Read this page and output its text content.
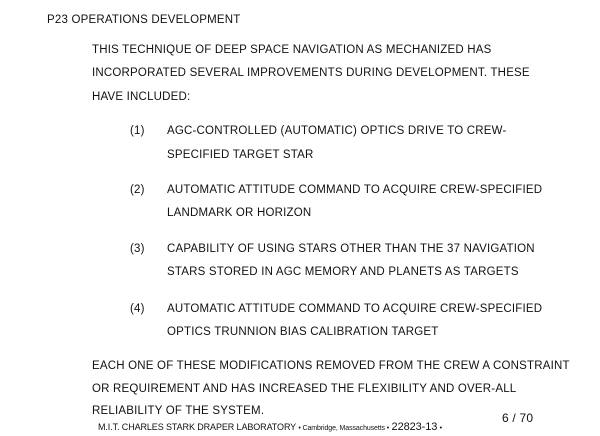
P23 OPERATIONS DEVELOPMENT
THIS TECHNIQUE OF DEEP SPACE NAVIGATION AS MECHANIZED HAS
INCORPORATED SEVERAL IMPROVEMENTS DURING DEVELOPMENT. THESE
HAVE INCLUDED:
(1) AGC-CONTROLLED (AUTOMATIC) OPTICS DRIVE TO CREW-
SPECIFIED TARGET STAR
(2) AUTOMATIC ATTITUDE COMMAND TO ACQUIRE CREW-SPECIFIED
LANDMARK OR HORIZON
(3) CAPABILITY OF USING STARS OTHER THAN THE 37 NAVIGATION
STARS STORED IN AGC MEMORY AND PLANETS AS TARGETS
(4) AUTOMATIC ATTITUDE COMMAND TO ACQUIRE CREW-SPECIFIED
OPTICS TRUNNION BIAS CALIBRATION TARGET
EACH ONE OF THESE MODIFICATIONS REMOVED FROM THE CREW A CONSTRAINT
OR REQUIREMENT AND HAS INCREASED THE FLEXIBILITY AND OVER-ALL
RELIABILITY OF THE SYSTEM.
M.I.T. CHARLES STARK DRAPER LABORATORY • Cambridge, Massachusetts • 22823-13 •
6 / 70
